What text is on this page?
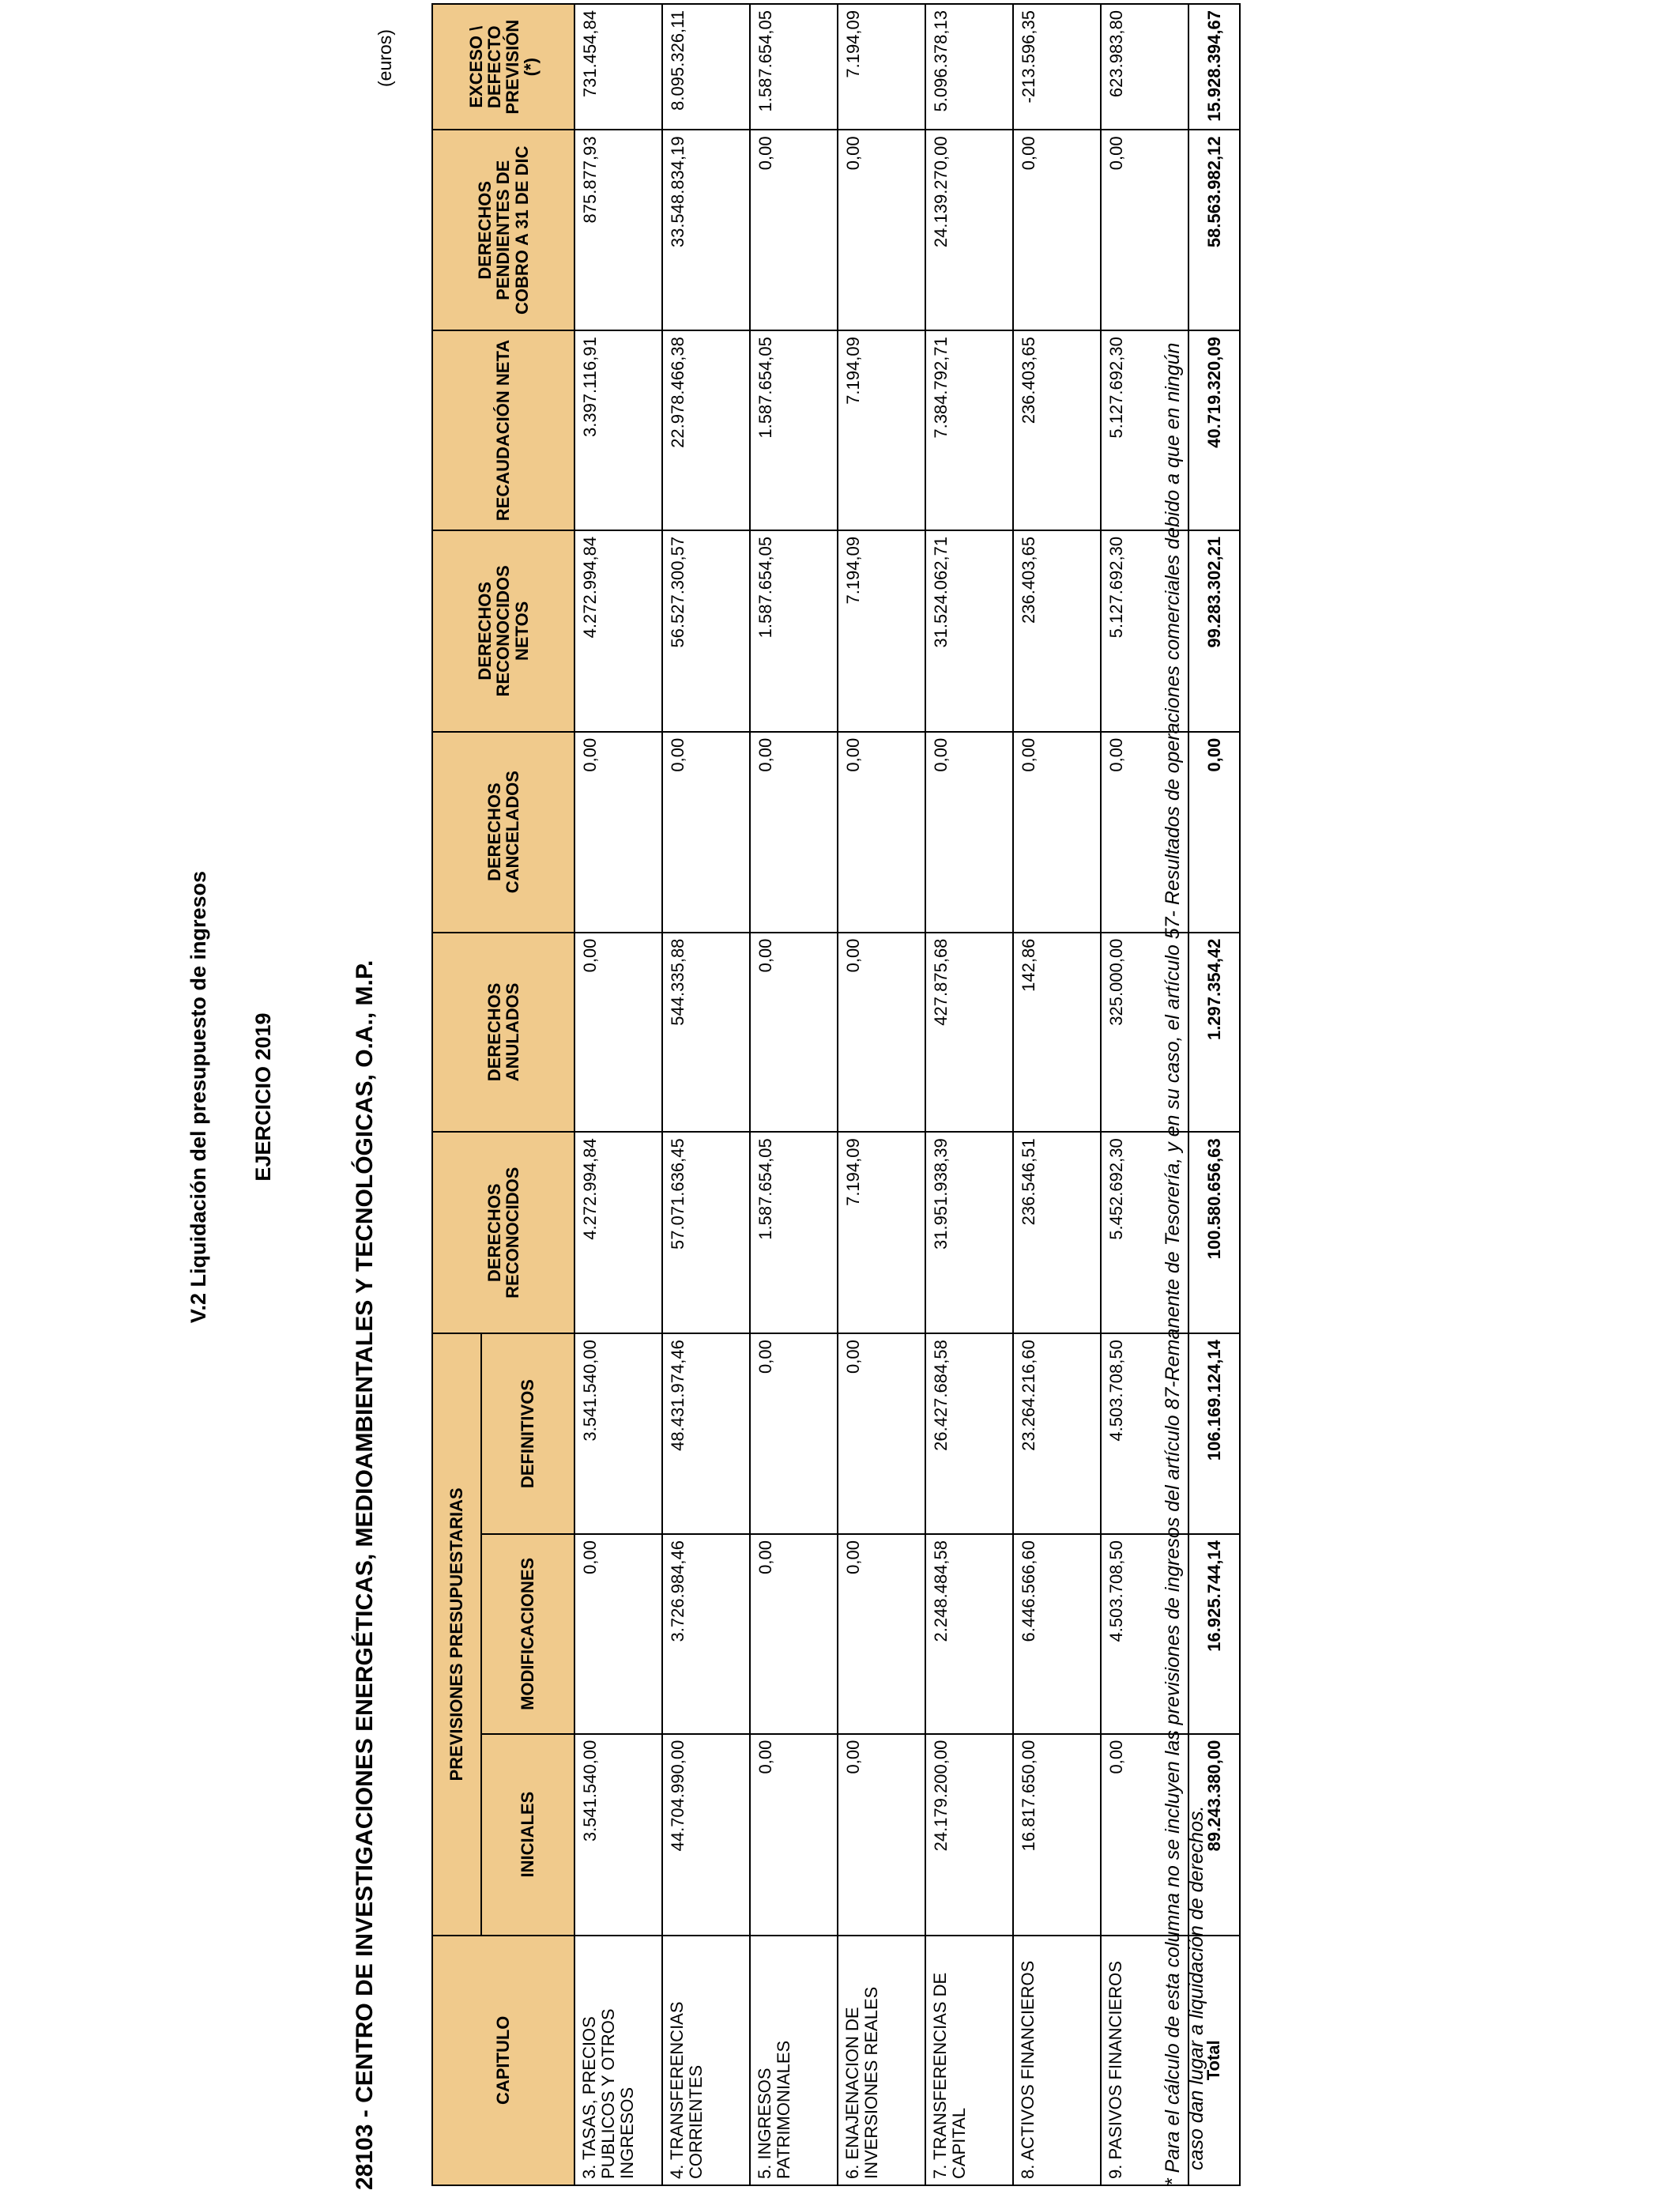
V.2 Liquidación del presupuesto de ingresos EJERCICIO 2019	28103 - CENTRO DE INVESTIGACIONES ENERGÉTICAS, MEDIOAMBIENTALES Y TECNOLÓGICAS, O.A., M.P.
(euros)
CAPITULO	PREVISIONES PRESUPUESTARIAS			DERECHOS RECONOCIDOS	DERECHOS ANULADOS	DERECHOS CANCELADOS	DERECHOS RECONOCIDOS NETOS	RECAUDACIÓN NETA	DERECHOS PENDIENTES DE COBRO A 31 DE DIC	EXCESO \ DEFECTO PREVISIÓN (*)
	INICIALES	MODIFICACIONES	DEFINITIVOS							
3. TASAS, PRECIOS PUBLICOS Y OTROS INGRESOS	3.541.540,00	0,00	3.541.540,00	4.272.994,84	0,00	0,00	4.272.994,84	3.397.116,91	875.877,93	731.454,84
4. TRANSFERENCIAS CORRIENTES	44.704.990,00	3.726.984,46	48.431.974,46	57.071.636,45	544.335,88	0,00	56.527.300,57	22.978.466,38	33.548.834,19	8.095.326,11
5. INGRESOS PATRIMONIALES	0,00	0,00	0,00	1.587.654,05	0,00	0,00	1.587.654,05	1.587.654,05	0,00	1.587.654,05
6. ENAJENACION DE INVERSIONES REALES	0,00	0,00	0,00	7.194,09	0,00	0,00	7.194,09	7.194,09	0,00	7.194,09
7. TRANSFERENCIAS DE CAPITAL	24.179.200,00	2.248.484,58	26.427.684,58	31.951.938,39	427.875,68	0,00	31.524.062,71	7.384.792,71	24.139.270,00	5.096.378,13
8. ACTIVOS FINANCIEROS	16.817.650,00	6.446.566,60	23.264.216,60	236.546,51	142,86	0,00	236.403,65	236.403,65	0,00	-213.596,35
9. PASIVOS FINANCIEROS	0,00	4.503.708,50	4.503.708,50	5.452.692,30	325.000,00	0,00	5.127.692,30	5.127.692,30	0,00	623.983,80
Total	89.243.380,00	16.925.744,14	106.169.124,14	100.580.656,63	1.297.354,42	0,00	99.283.302,21	40.719.320,09	58.563.982,12	15.928.394,67
* Para el cálculo de esta columna no se incluyen las previsiones de ingresos del artículo 87-Remanente de Tesorería, y en su caso, el artículo 57- Resultados de operaciones comerciales debido a que en ningún caso dan lugar a liquidación de derechos.
